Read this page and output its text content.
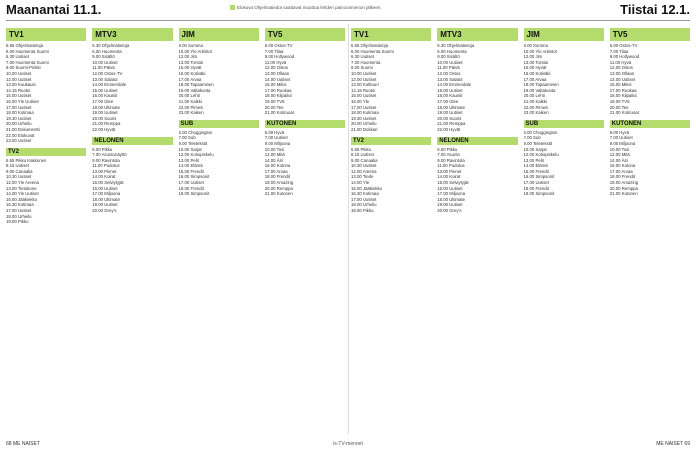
Maanantai 11.1.	Elokuva Ohjelmatiedot saattavat muuttua lehden painoonmenon jälkeen.	Tiistai 12.1.
TV1
5.55 Ohjelmatietoja
6.00 Huomenta Suomi
6.30 Uutiset
7.00 Huomenta Suomi
9.00 Suomi-Pinkki
10.00 Uutiset
12.00 Uutiset
13.00 Kuukausi
14.15 Ruotsi
15.00 Uutiset
16.00 Yle Uutiset
17.00 Uutiset
18.00 Kotimaa
19.30 Uutiset
20.00 Urheilu
21.00 Dokumentti
22.00 Elokuvat
23.00 Uutiset
TV2
6.55 Pikku Kakkonen
8.15 Uutiset
9.00 Canaalia
10.30 Uutiset
12.00 Yle Areena
13.00 Tietokone
14.00 Yle Uutiset
15.00 Jääkiekko
16.30 Kotimaa
17.00 Uutiset
18.00 Urheilu
19.00 Pikku
MTV3
5.30 Ohjelmatietoja
6.00 Huomenta
9.00 Sisältö
10.00 Uutiset
11.00 Päivä
12.00 Ostos-TV
13.00 Salatut
14.00 Emmerdale
15.00 Uutiset
16.00 Kauniit
17.00 Glee
18.00 Ultimate
19.00 Uutiset
20.00 Suomi
21.00 Remppa
22.00 Hyvät
NELONEN
6.00 Pikku
7.00 Asuntonäyttö
9.00 Ravintola
11.00 Pudotus
13.00 Pienet
14.00 Koirat
15.00 Selviytyjät
16.00 Uutiset
17.00 Miljoona
18.00 Ultimate
19.00 Uutiset
20.00 Grey's
JIM
9.00 Summa
10.00 Yle Arkistot
12.00 Jim
13.00 Torstai
15.00 Hyvät
16.00 Kotiväki
17.00 Arvaa
18.00 Tapaaminen
19.00 Valtakunta
20.00 Lehti
21.00 Kaikki
22.00 Pimeä
23.00 Kaiken
SUB
6.00 Chuggington
7.00 Sub
9.00 Teletekstit
10.00 Sarjat
12.00 Kotiopiskelu
13.00 Pelit
14.00 Elämä
15.00 Frendit
16.00 Simpsonit
17.00 Uutiset
18.00 Frendit
19.00 Simpsonit
TV5
6.00 Ostos-TV
7.00 Tilaa
9.00 Hollywood
11.00 Hyvä
12.00 Ostos
13.00 Ollaan
14.00 Uutiset
15.00 Miksi
17.00 Ruokaa
18.00 Kilpailut
19.00 TV5
20.00 Tee
21.00 Kotiruoat
KUTONEN
6.00 Hyvä
7.00 Uutiset
9.00 Miljoona
10.00 Tosi
12.00 Mitä
14.00 Äiti
16.00 Kotona
17.00 Arvaa
18.00 Frendit
19.00 Amazing
20.00 Remppa
21.00 Kutonen
TV1
5.55 Ohjelmatietoja
6.00 Huomenta Suomi
6.30 Uutiset
7.00 Huomenta
9.00 Suomi
10.00 Uutiset
12.00 Uutiset
13.00 Kulttuuri
14.15 Ruotsi
15.00 Uutiset
16.00 Yle
17.00 Uutiset
18.00 Kotimaa
19.30 Uutiset
20.00 Urheilu
21.00 Dokkari
TV2
6.55 Pikku
8.15 Uutiset
9.00 Canaalia
10.30 Uutiset
12.00 Areena
13.00 Tiede
14.00 Yle
15.00 Jääkiekko
16.30 Kotimaa
17.00 Uutiset
18.00 Urheilu
19.00 Pikku
MTV3
5.30 Ohjelmatietoja
6.00 Huomenta
9.00 Sisältö
10.00 Uutiset
11.00 Päivä
12.00 Ostos
13.00 Salatut
14.00 Emmerdale
15.00 Uutiset
16.00 Kauniit
17.00 Glee
18.00 Ultimate
19.00 Uutiset
20.00 Suomi
21.00 Remppa
22.00 Hyvät
NELONEN
6.00 Pikku
7.00 Asunto
9.00 Ravintola
11.00 Pudotus
13.00 Pienet
14.00 Koirat
15.00 Selviytyjät
16.00 Uutiset
17.00 Miljoona
18.00 Ultimate
19.00 Uutiset
20.00 Grey's
JIM
9.00 Summa
10.00 Yle Arkistot
12.00 Jim
13.00 Torstai
15.00 Hyvät
16.00 Kotiväki
17.00 Arvaa
18.00 Tapaaminen
19.00 Valtakunta
20.00 Lehti
21.00 Kaikki
22.00 Pimeä
23.00 Kaiken
SUB
6.00 Chuggington
7.00 Sub
9.00 Teletekstit
10.00 Sarjat
12.00 Kotiopiskelu
13.00 Pelit
14.00 Elämä
15.00 Frendit
16.00 Simpsonit
17.00 Uutiset
18.00 Frendit
19.00 Simpsonit
TV5
6.00 Ostos-TV
7.00 Tilaa
9.00 Hollywood
11.00 Hyvä
12.00 Ostos
13.00 Ollaan
14.00 Uutiset
15.00 Miksi
17.00 Ruokaa
18.00 Kilpailut
19.00 TV5
20.00 Tee
21.00 Kotiruoat
KUTONEN
6.00 Hyvä
7.00 Uutiset
9.00 Miljoona
10.00 Tosi
12.00 Mitä
14.00 Äiti
16.00 Kotona
17.00 Arvaa
18.00 Frendit
19.00 Amazing
20.00 Remppa
21.00 Kutonen
68 ME NAISET	is-TV-menoet	ME NAISET 69
